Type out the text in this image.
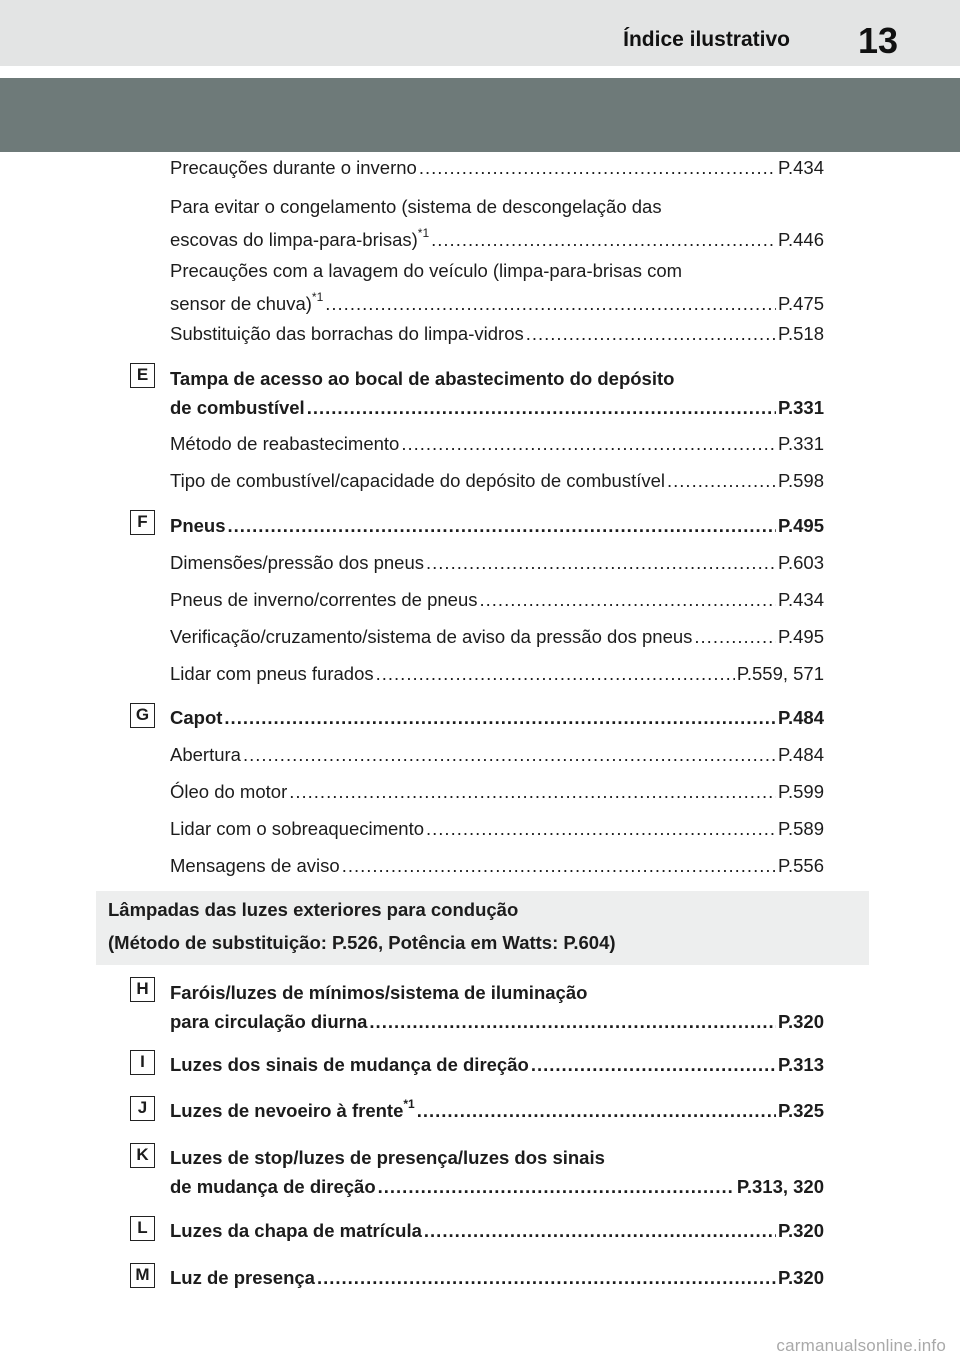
Índice ilustrativo 13
Precauções durante o inverno .....	P.434
Para evitar o congelamento (sistema de descongelação das
escovas do limpa-para-brisas)$^{*1}$ .....	P.446
Precauções com a lavagem do veículo (limpa-para-brisas com
sensor de chuva)$^{*1}$ .....	P.475
Substituição das borrachas do limpa-vidros .....	P.518
E	Tampa de acesso ao bocal de abastecimento do depósito
de combustível .....	P.331
Método de reabastecimento .....	P.331
Tipo de combustível/capacidade do depósito de combustível .....	P.598
F	Pneus .....	P.495
Dimensões/pressão dos pneus .....	P.603
Pneus de inverno/correntes de pneus .....	P.434
Verificação/cruzamento/sistema de aviso da pressão dos pneus .....	P.495
Lidar com pneus furados .....	P.559, 571
G	Capot .....	P.484
Abertura .....	P.484
Óleo do motor .....	P.599
Lidar com o sobreaquecimento .....	P.589
Mensagens de aviso .....	P.556
Lâmpadas das luzes exteriores para condução
(Método de substituição: P.526, Potência em Watts: P.604)
H	Faróis/luzes de mínimos/sistema de iluminação
para circulação diurna .....	P.320
I	Luzes dos sinais de mudança de direção .....	P.313
J	Luzes de nevoeiro à frente$^{*1}$ .....	P.325
K	Luzes de stop/luzes de presença/luzes dos sinais
de mudança de direção .....	P.313, 320
L	Luzes da chapa de matrícula .....	P.320
M Luz de presença .....	P.320
carmanualsonline.info
